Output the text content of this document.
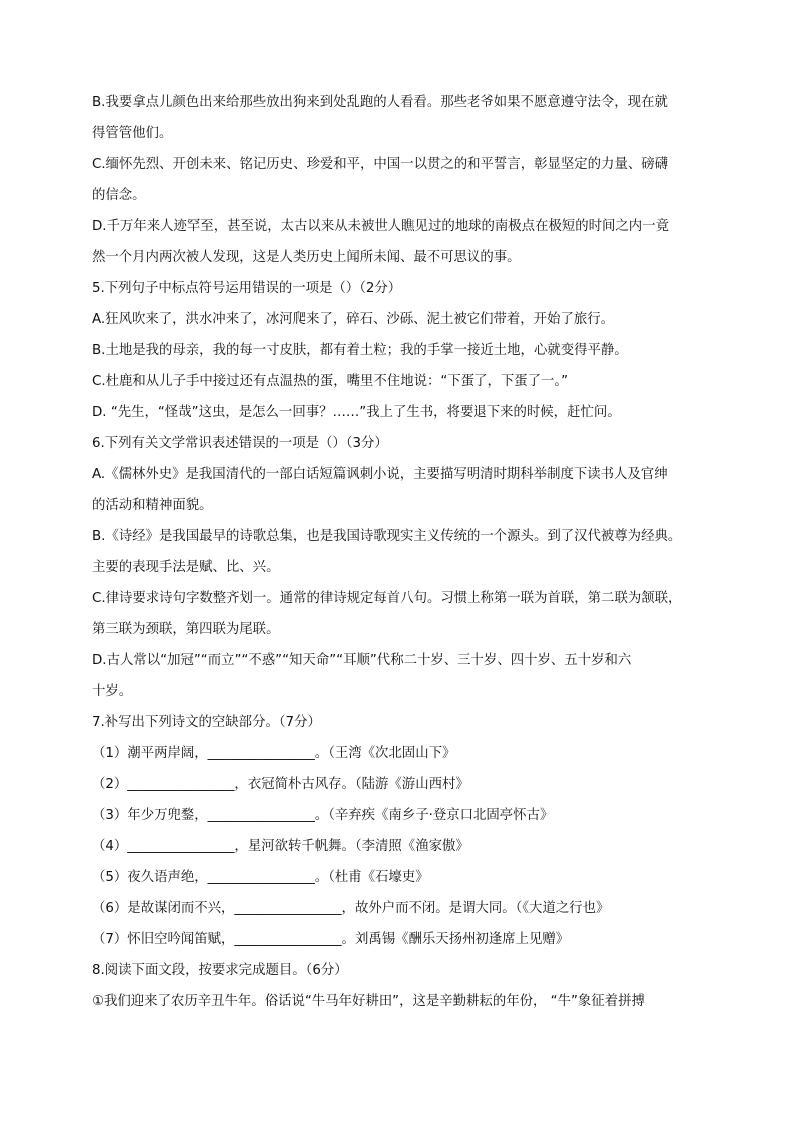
B.我要拿点儿颜色出来给那些放出狗来到处乱跑的人看看。那些老爷如果不愿意遵守法令，现在就
得管管他们。
C.缅怀先烈、开创未来、铭记历史、珍爱和平，中国一以贯之的和平誓言，彰显坚定的力量、磅礴
的信念。
D.千万年来人迹罕至，甚至说，太古以来从未被世人瞧见过的地球的南极点在极短的时间之内一竟
然一个月内两次被人发现，这是人类历史上闻所未闻、最不可思议的事。
5.下列句子中标点符号运用错误的一项是（）（2分）
A.狂风吹来了，洪水冲来了，冰河爬来了，碎石、沙砾、泥土被它们带着，开始了旅行。
B.土地是我的母亲，我的每一寸皮肤，都有着土粒；我的手掌一接近土地，心就变得平静。
C.杜鹿和从儿子手中接过还有点温热的蛋，嘴里不住地说：“下蛋了，下蛋了一。”
D. “先生，“怪哉”这虫，是怎么一回事？……”我上了生书，将要退下来的时候，赶忙问。
6.下列有关文学常识表述错误的一项是（）（3分）
A.《儒林外史》是我国清代的一部白话短篇讽刺小说，主要描写明清时期科举制度下读书人及官绅
的活动和精神面貌。
B.《诗经》是我国最早的诗歌总集，也是我国诗歌现实主义传统的一个源头。到了汉代被尊为经典。
主要的表现手法是赋、比、兴。
C.律诗要求诗句字数整齐划一。通常的律诗规定每首八句。习惯上称第一联为首联，第二联为颔联，
第三联为颈联，第四联为尾联。
D.古人常以“加冠”“而立”“不惑”“知天命”“耳顺”代称二十岁、三十岁、四十岁、五十岁和六
十岁。
7.补写出下列诗文的空缺部分。（7分）
（1）潮平两岸阔，________________。（王湾《次北固山下》
（2）________________，衣冠简朴古风存。（陆游《游山西村》
（3）年少万兜鍪，________________。（辛弃疾《南乡子·登京口北固亭怀古》
（4）________________，星河欲转千帆舞。（李清照《渔家傲》
（5）夜久语声绝，________________。（杜甫《石壕吏》
（6）是故谋闭而不兴，________________，故外户而不闭。是谓大同。（《大道之行也》
（7）怀旧空吟闻笛赋，________________。刘禹锡《酬乐天扬州初逢席上见赠》
8.阅读下面文段，按要求完成题目。（6分）
①我们迎来了农历辛丑牛年。俗话说“牛马年好耕田”，这是辛勤耕耘的年份， “牛”象征着拼搏
